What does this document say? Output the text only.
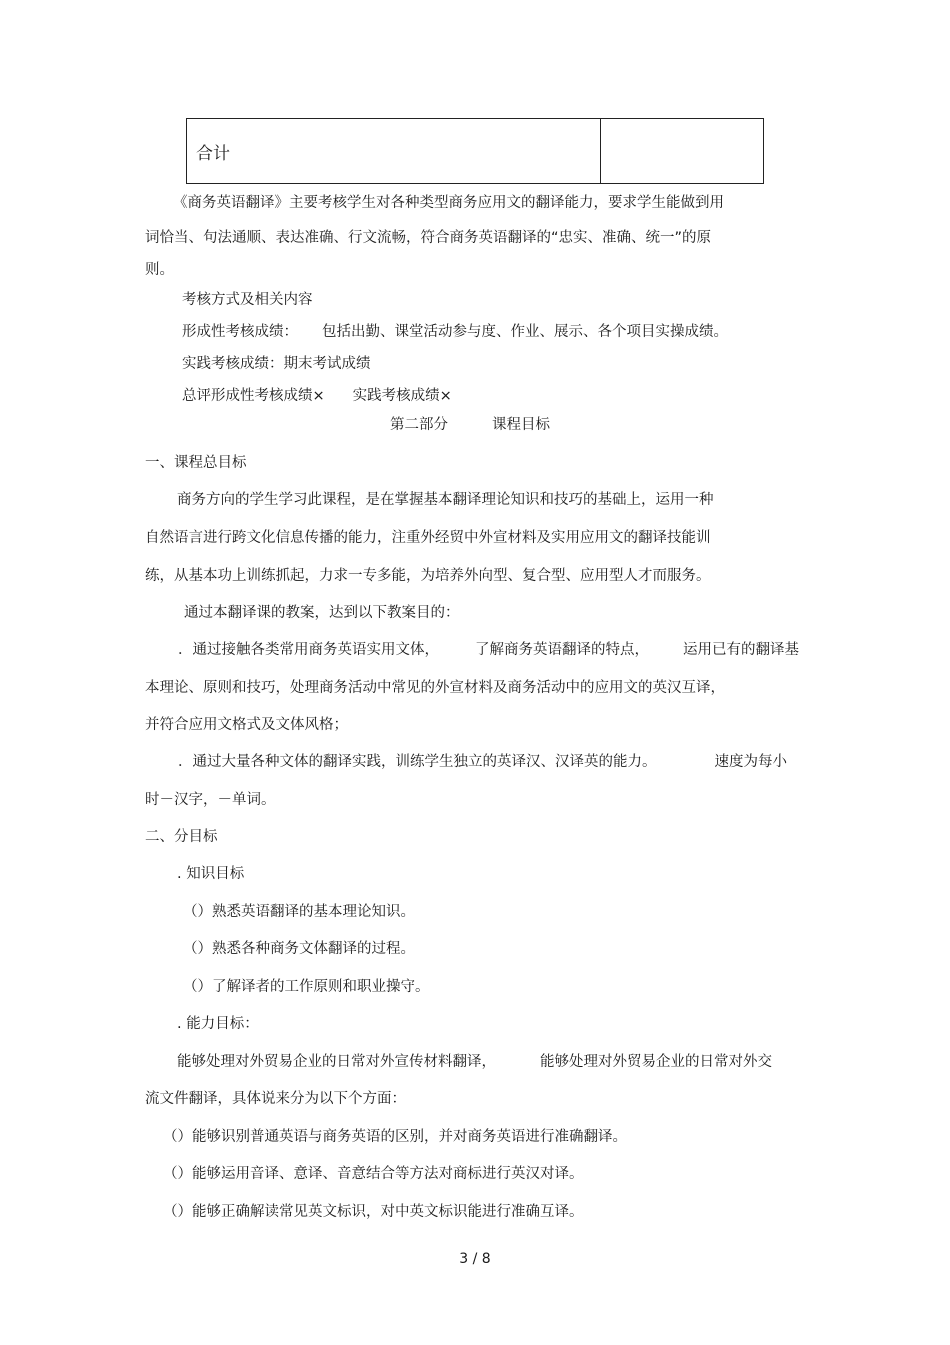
合计	
《商务英语翻译》主要考核学生对各种类型商务应用文的翻译能力，要求学生能做到用
词恰当、句法通顺、表达准确、行文流畅，符合商务英语翻译的“忠实、准确、统一”的原
则。
考核方式及相关内容
形成性考核成绩： 包括出勤、课堂活动参与度、作业、展示、各个项目实操成绩。
实践考核成绩：期末考试成绩
总评形成性考核成绩× 实践考核成绩×
第二部分	课程目标
一、课程总目标
商务方向的学生学习此课程，是在掌握基本翻译理论知识和技巧的基础上，运用一种
自然语言进行跨文化信息传播的能力，注重外经贸中外宣材料及实用应用文的翻译技能训
练，从基本功上训练抓起，力求一专多能，为培养外向型、复合型、应用型人才而服务。
通过本翻译课的教案，达到以下教案目的：
．通过接触各类常用商务英语实用文体， 了解商务英语翻译的特点， 运用已有的翻译基
本理论、原则和技巧，处理商务活动中常见的外宣材料及商务活动中的应用文的英汉互译，
并符合应用文格式及文体风格；
．通过大量各种文体的翻译实践，训练学生独立的英译汉、汉译英的能力。	速度为每小
时－汉字，－单词。
二、分目标
. 知识目标
（）熟悉英语翻译的基本理论知识。
（）熟悉各种商务文体翻译的过程。
（）了解译者的工作原则和职业操守。
. 能力目标：
能够处理对外贸易企业的日常对外宣传材料翻译，	能够处理对外贸易企业的日常对外交
流文件翻译，具体说来分为以下个方面：
（）能够识别普通英语与商务英语的区别，并对商务英语进行准确翻译。
（）能够运用音译、意译、音意结合等方法对商标进行英汉对译。
（）能够正确解读常见英文标识，对中英文标识能进行准确互译。
3 / 8
